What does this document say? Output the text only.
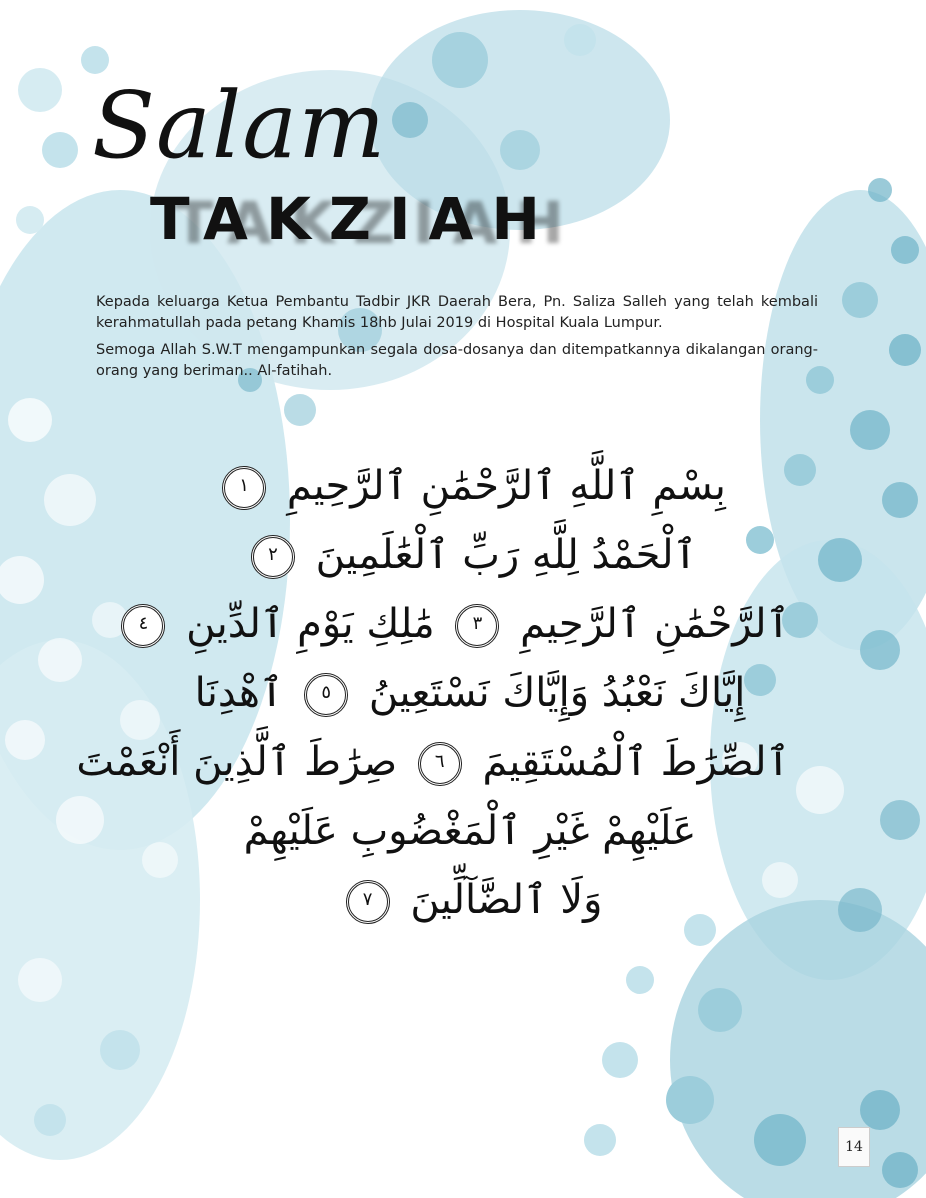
Salam
TAKZIAH

Kepada keluarga Ketua Pembantu Tadbir JKR Daerah Bera, Pn. Saliza Salleh yang telah kembali kerahmatullah pada petang Khamis 18hb Julai 2019 di Hospital Kuala Lumpur.

Semoga Allah S.W.T mengampunkan segala dosa-dosanya dan ditempatkannya dikalangan orang-orang yang beriman.. Al-fatihah.

بِسْمِ ٱللَّهِ ٱلرَّحْمَٰنِ ٱلرَّحِيمِ ١
ٱلْحَمْدُ لِلَّهِ رَبِّ ٱلْعَٰلَمِينَ ٢
ٱلرَّحْمَٰنِ ٱلرَّحِيمِ ٣ مَٰلِكِ يَوْمِ ٱلدِّينِ ٤
إِيَّاكَ نَعْبُدُ وَإِيَّاكَ نَسْتَعِينُ ٥ ٱهْدِنَا
ٱلصِّرَٰطَ ٱلْمُسْتَقِيمَ ٦ صِرَٰطَ ٱلَّذِينَ أَنْعَمْتَ
عَلَيْهِمْ غَيْرِ ٱلْمَغْضُوبِ عَلَيْهِمْ
وَلَا ٱلضَّآلِّينَ ٧
14
